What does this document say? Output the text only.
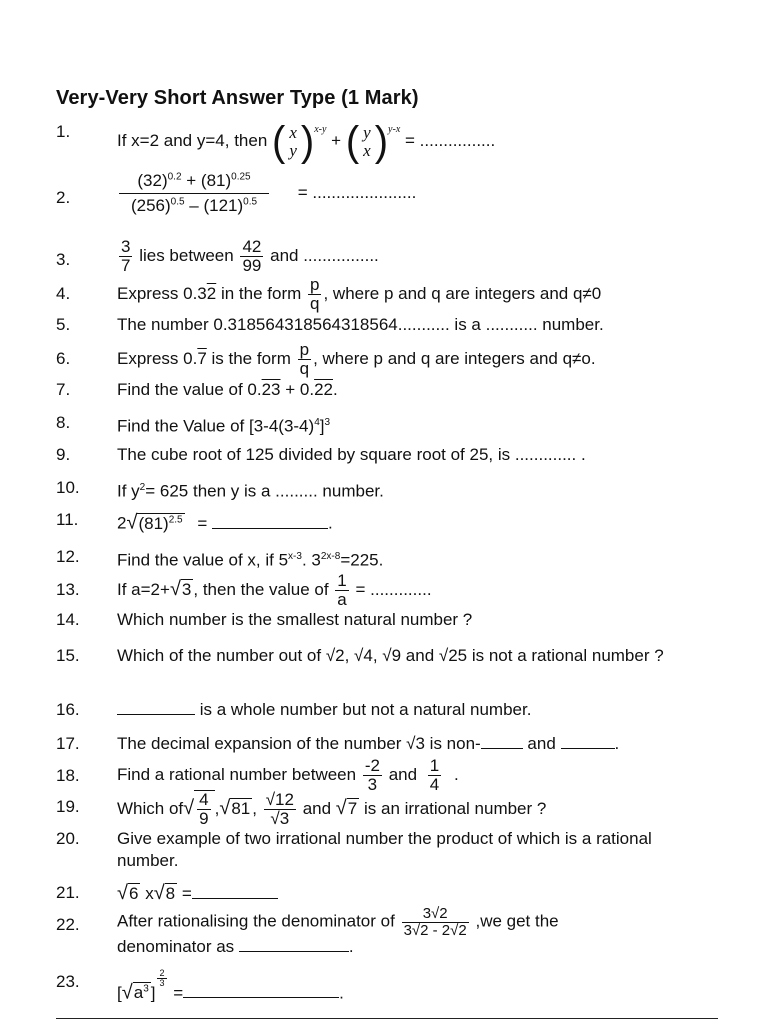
Very-Very Short Answer Type (1 Mark)
1.	If x=2 and y=4, then ( x
y )$^{x-y}$ + ( y
x )$^{y-x}$ = ................
2.	$\frac{(32)^{0.2} + (81)^{0.25}}{(256)^{0.5} - (121)^{0.5}}$ = ......................
3.	$\frac{3}{7}$ lies between $\frac{42}{99}$ and ................
4.	Express 0.32 in the form $\frac{p}{q}$ , where p and q are integers and q≠0
5.	The number 0.318564318564318564........... is a ........... number.
6.	Express 0.7 is the form $\frac{p}{q}$ , where p and q are integers and q≠o.
7.	Find the value of 0.23 + 0.22.
8.	Find the Value of $[3-4(3-4)^4]^3$
9.	The cube root of 125 divided by square root of 25, is ............. .
10. If $y^2= 625$ then y is a ......... number.
11. $2√(81)^{2.5}$ =	.
12. Find the value of x, if 5$^{x-3}$. $3^{2x-8}=225$.
13. If a=2+√3 , then the value of $\frac{1}{a}$ = .............
14. Which number is the smallest natural number ?
15. Which of the number out of √2, √4, √9 and √25 is not a rational number ?
16.	is a whole number but not a natural number.
17. The decimal expansion of the number √3 is non- and	.
18. Find a rational number between $\frac{-2}{3}$ and $\frac{1}{4}$ .
19. Which $of√ \frac{4}{9} ,√81$ , $\frac{√12}{√3}$ and √7 is an irrational number ?
20. Give example of two irrational number the product of which is a rational number.
21. √6 x√8 =
22. After rationalising the denominator of $\frac{3√2}{3√2 - 2√2} ,we$ get the
denominator as	.
23.
[$√a^3$ ]
$\frac{2}{3}$
=	.
